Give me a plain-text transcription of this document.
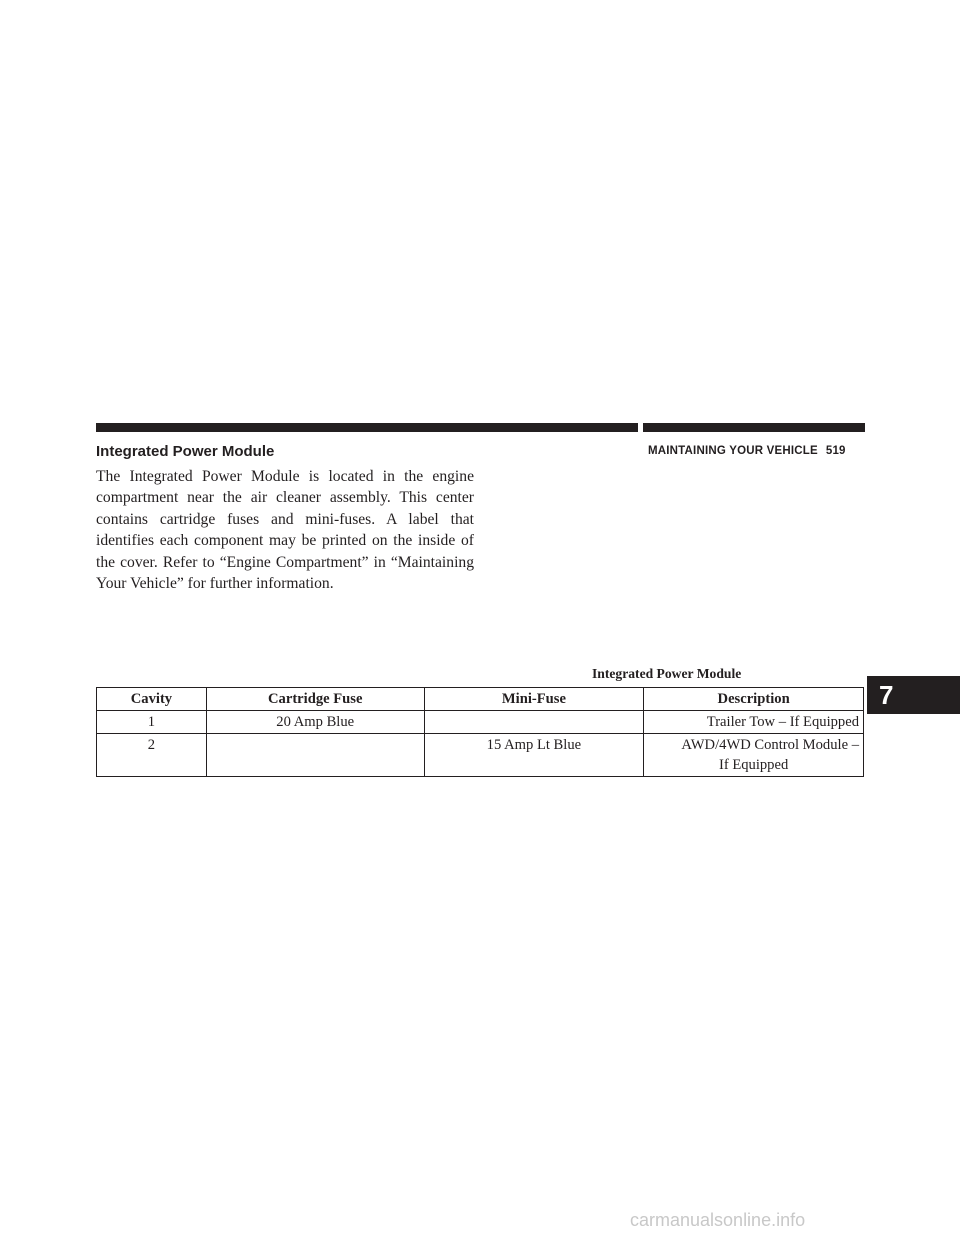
MAINTAINING YOUR VEHICLE 519
Integrated Power Module

The Integrated Power Module is located in the engine compartment near the air cleaner assembly. This center contains cartridge fuses and mini-fuses. A label that identifies each component may be printed on the inside of the cover. Refer to “Engine Compartment” in “Maintaining Your Vehicle” for further information.

Integrated Power Module
Cavity	Cartridge Fuse	Mini-Fuse	Description
1	20 Amp Blue		Trailer Tow – If Equipped

2		15 Amp Lt Blue	AWD/4WD Control Module –
If Equipped
7
carmanualsonline.info
